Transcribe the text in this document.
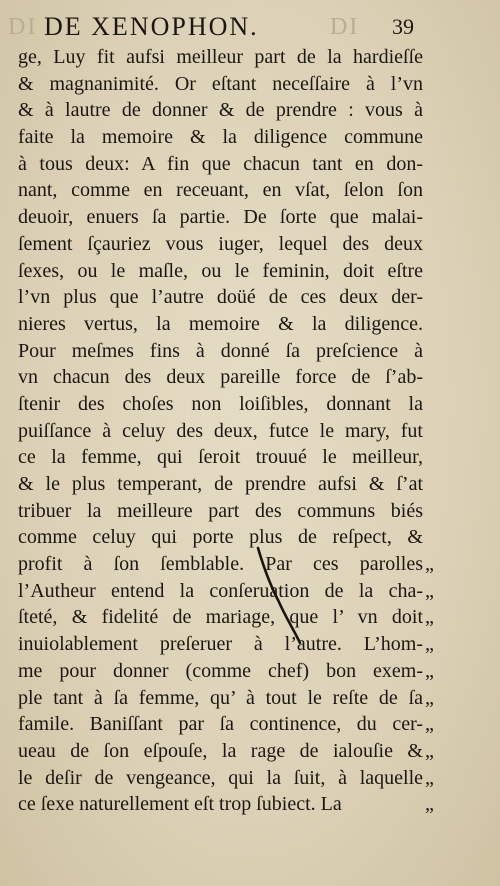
DI DE XENOPHON.	DI 39
ge, Luy fit aufsi meilleur part de la hardieſſe
& magnanimité. Or eſtant neceſſaire à l’vn
& à lautre de donner & de prendre : vous à
faite la memoire & la diligence commune
à tous deux: A fin que chacun tant en don-
nant, comme en receuant, en vſat, ſelon ſon
deuoir, enuers ſa partie. De ſorte que malai-
ſement ſçauriez vous iuger, lequel des deux
ſexes, ou le maſle, ou le feminin, doit eſtre
l’vn plus que l’autre doüé de ces deux der-
nieres vertus, la memoire & la diligence.
Pour meſmes fins à donné ſa preſcience à
vn chacun des deux pareille force de ſ’ab-
ſtenir des choſes non loiſibles, donnant la
puiſſance à celuy des deux, futce le mary, fut
ce la femme, qui ſeroit trouué le meilleur,
& le plus temperant, de prendre aufsi & ſ’at
tribuer la meilleure part des communs biés
comme celuy qui porte plus de reſpect, &
profit à ſon ſemblable. Par ces parolles
l’Autheur entend la conſeruation de la cha-
ſteté, & fidelité de mariage, que l’ vn doit
inuiolablement preſeruer à l’autre. L’hom-
me pour donner (comme chef) bon exem-
ple tant à ſa femme, qu’ à tout le reſte de ſa
famile. Baniſſant par ſa continence, du cer-
ueau de ſon eſpouſe, la rage de ialouſie &
le deſir de vengeance, qui la ſuit, à laquelle
ce ſexe naturellement eſt trop ſubiect. La
„
„
„
„
„
„
„
„
„
„
